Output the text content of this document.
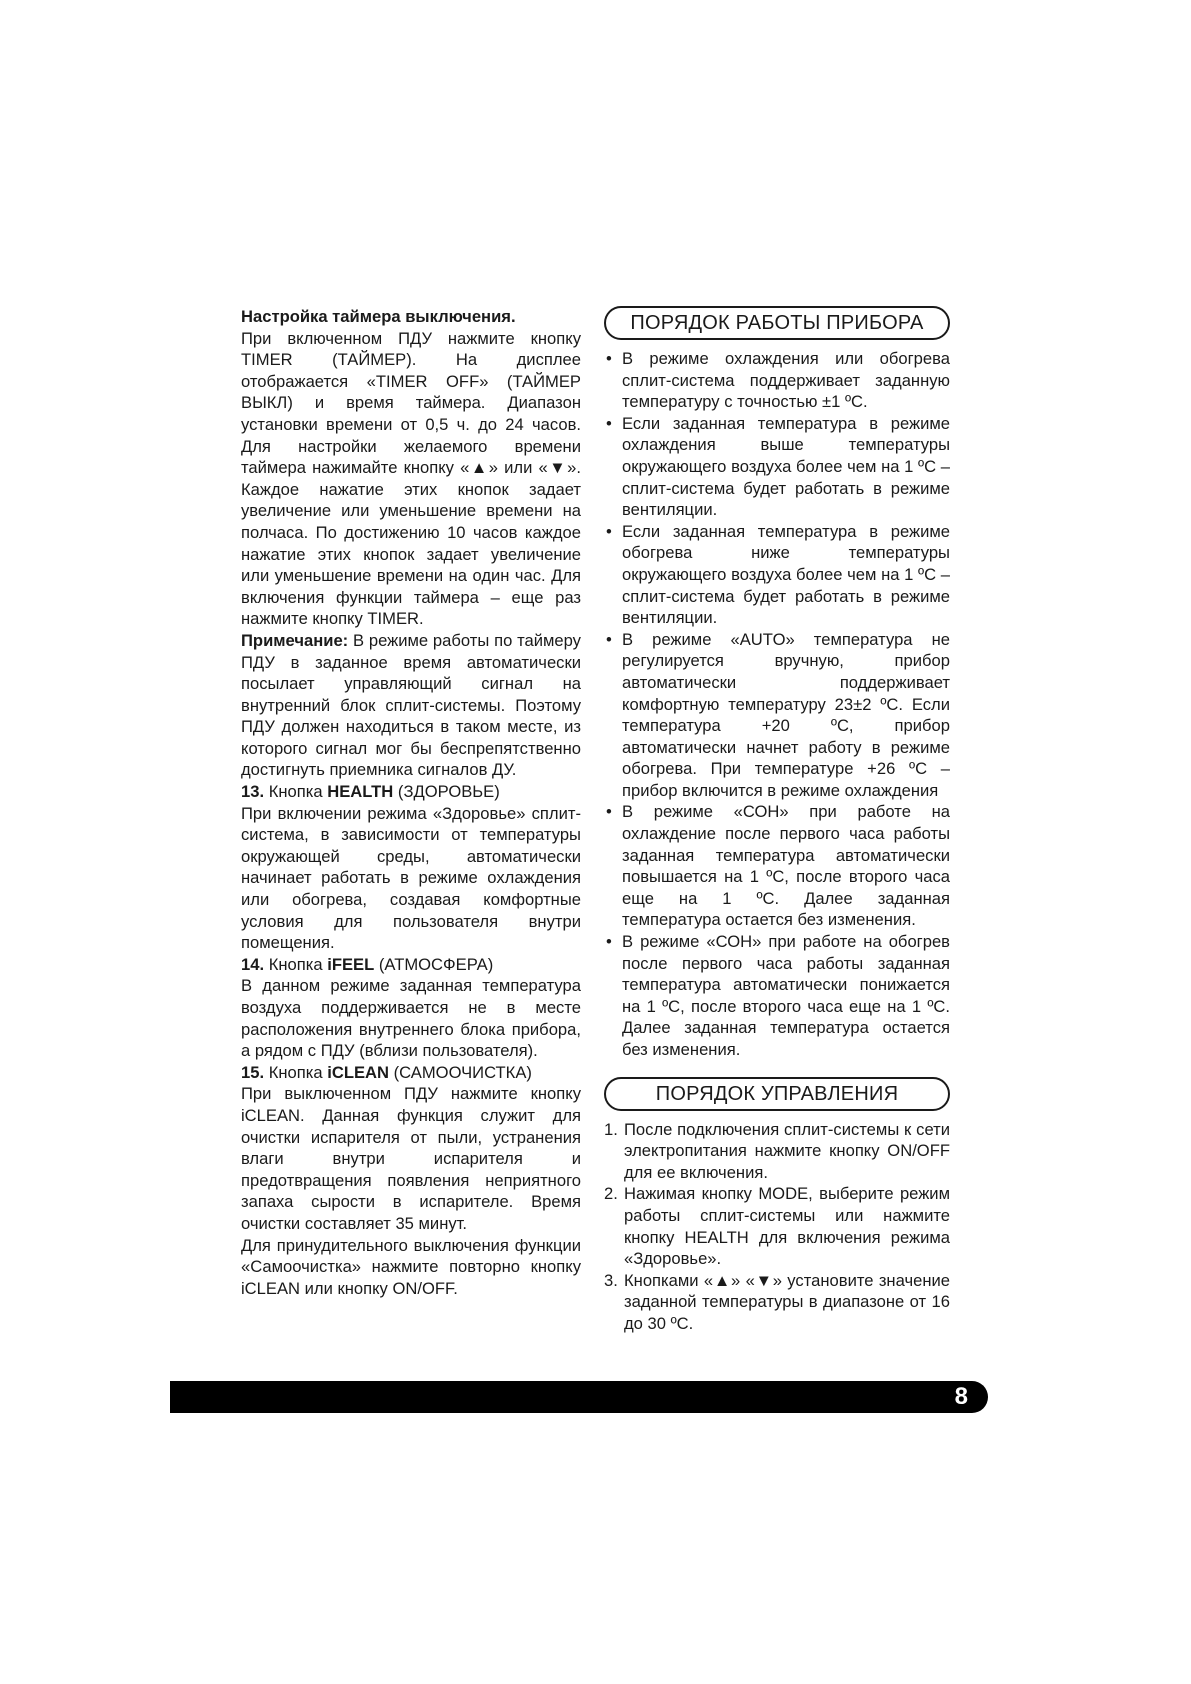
Настройка таймера выключения.
При включенном ПДУ нажмите кнопку TIMER (ТАЙМЕР). На дисплее отображается «TIMER OFF» (ТАЙМЕР ВЫКЛ) и время таймера. Диапазон установки времени от 0,5 ч. до 24 часов. Для настройки желаемого времени таймера нажимайте кнопку «▲» или «▼». Каждое нажатие этих кнопок задает увеличение или уменьшение времени на полчаса. По достижению 10 часов каждое нажатие этих кнопок задает увеличение или уменьшение времени на один час. Для включения функции таймера – еще раз нажмите кнопку TIMER.

Примечание: В режиме работы по таймеру ПДУ в заданное время автоматически посылает управляющий сигнал на внутренний блок сплит-системы. Поэтому ПДУ должен находиться в таком месте, из которого сигнал мог бы беспрепятственно достигнуть приемника сигналов ДУ.

13. Кнопка HEALTH (ЗДОРОВЬЕ)

При включении режима «Здоровье» сплит-система, в зависимости от температуры окружающей среды, автоматически начинает работать в режиме охлаждения или обогрева, создавая комфортные условия для пользователя внутри помещения.

14. Кнопка iFEEL (АТМОСФЕРА)

В данном режиме заданная температура воздуха поддерживается не в месте расположения внутреннего блока прибора, а рядом с ПДУ (вблизи пользователя).

15. Кнопка iCLEAN (САМООЧИСТКА)

При выключенном ПДУ нажмите кнопку iCLEAN. Данная функция служит для очистки испарителя от пыли, устранения влаги внутри испарителя и предотвращения появления неприятного запаха сырости в испарителе. Время очистки составляет 35 минут.

Для принудительного выключения функции «Самоочистка» нажмите повторно кнопку iCLEAN или кнопку ON/OFF.

ПОРЯДОК РАБОТЫ ПРИБОРА
• В режиме охлаждения или обогрева сплит-система поддерживает заданную температуру с точностью ±1 ºC.
• Если заданная температура в режиме охлаждения выше температуры окружающего воздуха более чем на 1 ºC – сплит-система будет работать в режиме вентиляции.
• Если заданная температура в режиме обогрева ниже температуры окружающего воздуха более чем на 1 ºC – сплит-система будет работать в режиме вентиляции.
• В режиме «AUTO» температура не регулируется вручную, прибор автоматически поддерживает комфортную температуру 23±2 ºC. Если температура +20 ºC, прибор автоматически начнет работу в режиме обогрева. При температуре +26 ºC – прибор включится в режиме охлаждения
• В режиме «СОН» при работе на охлаждение после первого часа работы заданная температура автоматически повышается на 1 ºC, после второго часа еще на 1 ºC. Далее заданная температура остается без изменения.
• В режиме «СОН» при работе на обогрев после первого часа работы заданная температура автоматически понижается на 1 ºC, после второго часа еще на 1 ºC. Далее заданная температура остается без изменения.
ПОРЯДОК УПРАВЛЕНИЯ
1. После подключения сплит-системы к сети электропитания нажмите кнопку ON/OFF для ее включения.
2. Нажимая кнопку MODE, выберите режим работы сплит-системы или нажмите кнопку HEALTH для включения режима «Здоровье».
3. Кнопками «▲» «▼» установите значение заданной температуры в диапазоне от 16 до 30 ºC.
8
